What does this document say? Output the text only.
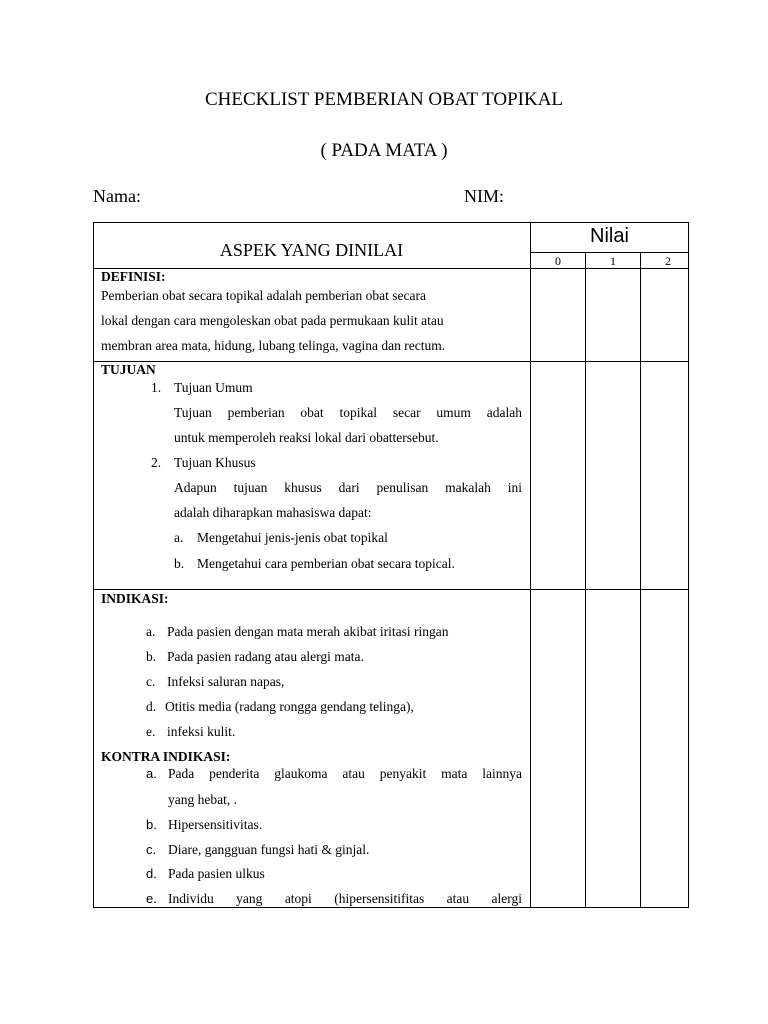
CHECKLIST PEMBERIAN OBAT TOPIKAL
( PADA MATA )
Nama:	NIM:
ASPEK YANG DINILAI
Nilai
0	1	2
DEFINISI:
Pemberian obat secara topikal adalah pemberian obat secara
lokal dengan cara mengoleskan obat pada permukaan kulit atau
membran area mata, hidung, lubang telinga, vagina dan rectum.
TUJUAN
1. Tujuan Umum
Tujuan pemberian obat topikal secar umum adalah
untuk memperoleh reaksi lokal dari obattersebut.
2. Tujuan Khusus
Adapun tujuan khusus dari penulisan makalah ini
adalah diharapkan mahasiswa dapat:
a. Mengetahui jenis-jenis obat topikal
b. Mengetahui cara pemberian obat secara topical.
INDIKASI:
a. Pada pasien dengan mata merah akibat iritasi ringan
b. Pada pasien radang atau alergi mata.
c. Infeksi saluran napas,
d. Otitis media (radang rongga gendang telinga),
e. infeksi kulit.
KONTRA INDIKASI:
a. Pada penderita glaukoma atau penyakit mata lainnya
yang hebat, .
b. Hipersensitivitas.
c. Diare, gangguan fungsi hati & ginjal.
d. Pada pasien ulkus
e. Individu yang atopi (hipersensitifitas atau alergi
